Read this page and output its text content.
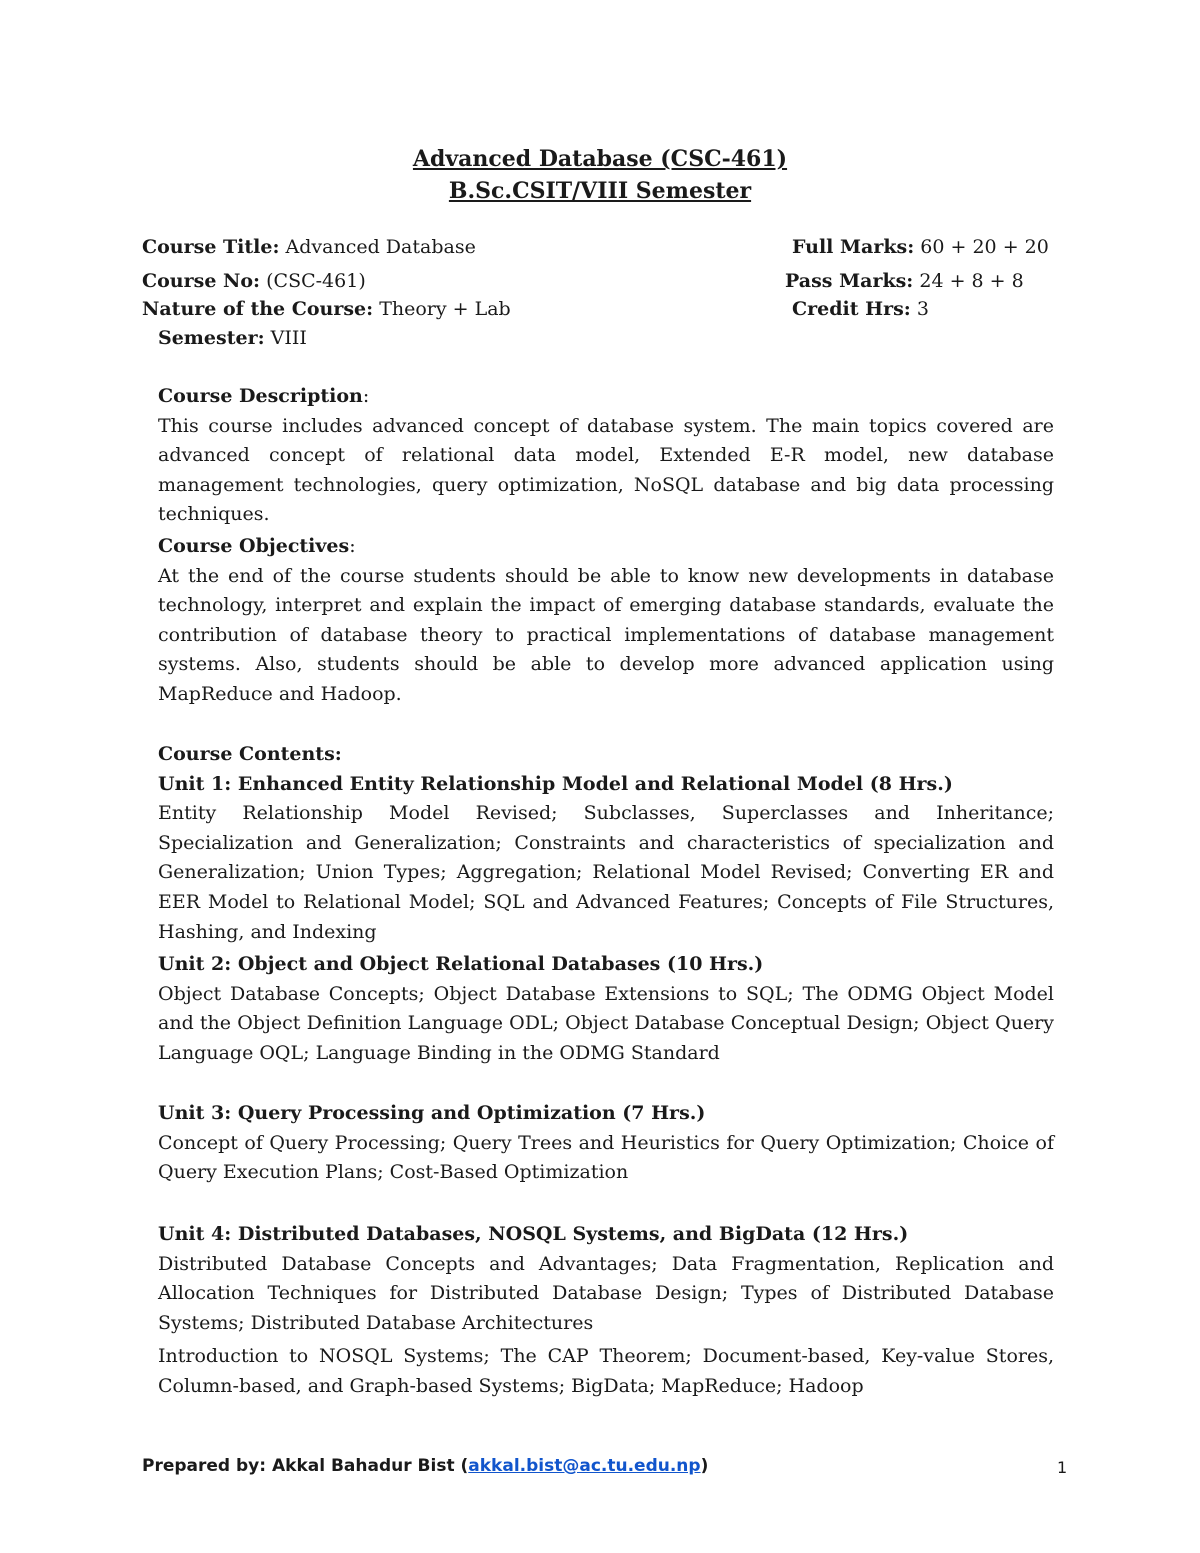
Advanced Database (CSC-461)
B.Sc.CSIT/VIII Semester
Course Title: Advanced Database	Full Marks: 60 + 20 + 20
Course No: (CSC-461)	Pass Marks: 24 + 8 + 8
Nature of the Course: Theory + Lab	Credit Hrs: 3
Semester: VIII

Course Description:

This course includes advanced concept of database system. The main topics covered are advanced concept of relational data model, Extended E-R model, new database management technologies, query optimization, NoSQL database and big data processing techniques.

Course Objectives:

At the end of the course students should be able to know new developments in database technology, interpret and explain the impact of emerging database standards, evaluate the contribution of database theory to practical implementations of database management systems. Also, students should be able to develop more advanced application using MapReduce and Hadoop.

Course Contents:

Unit 1: Enhanced Entity Relationship Model and Relational Model (8 Hrs.)

Entity Relationship Model Revised; Subclasses, Superclasses and Inheritance; Specialization and Generalization; Constraints and characteristics of specialization and Generalization; Union Types; Aggregation; Relational Model Revised; Converting ER and EER Model to Relational Model; SQL and Advanced Features; Concepts of File Structures, Hashing, and Indexing

Unit 2: Object and Object Relational Databases (10 Hrs.)

Object Database Concepts; Object Database Extensions to SQL; The ODMG Object Model and the Object Definition Language ODL; Object Database Conceptual Design; Object Query Language OQL; Language Binding in the ODMG Standard

Unit 3: Query Processing and Optimization (7 Hrs.)

Concept of Query Processing; Query Trees and Heuristics for Query Optimization; Choice of Query Execution Plans; Cost-Based Optimization

Unit 4: Distributed Databases, NOSQL Systems, and BigData (12 Hrs.)

Distributed Database Concepts and Advantages; Data Fragmentation, Replication and Allocation Techniques for Distributed Database Design; Types of Distributed Database Systems; Distributed Database Architectures

Introduction to NOSQL Systems; The CAP Theorem; Document-based, Key-value Stores, Column-based, and Graph-based Systems; BigData; MapReduce; Hadoop

Prepared by: Akkal Bahadur Bist (akkal.bist@ac.tu.edu.np)	1
